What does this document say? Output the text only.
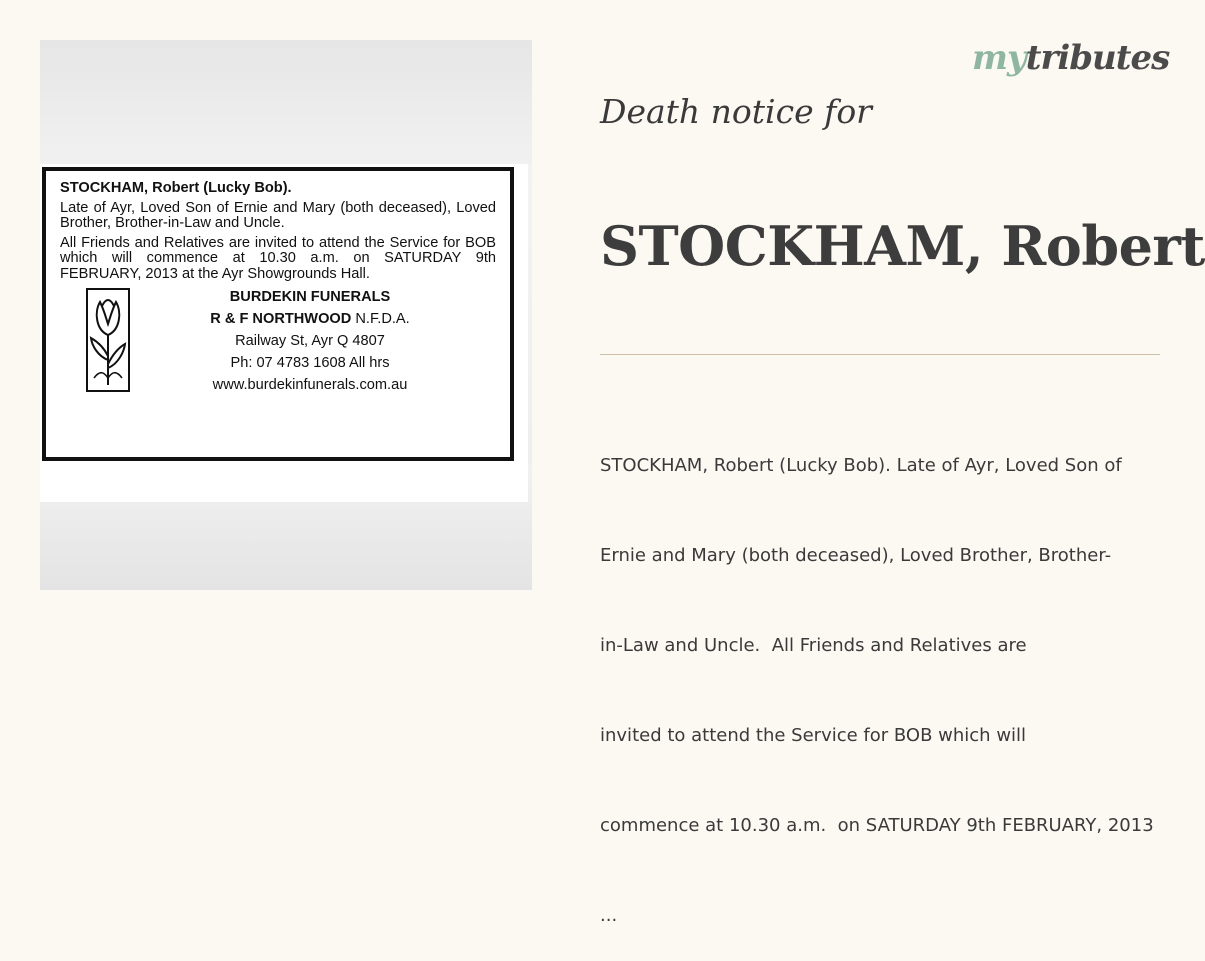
STOCKHAM, Robert (Lucky Bob).
Late of Ayr, Loved Son of Ernie and Mary (both deceased), Loved Brother, Brother-in-Law and Uncle.
All Friends and Relatives are invited to attend the Service for BOB which will commence at 10.30 a.m. on SATURDAY 9th FEBRUARY, 2013 at the Ayr Showgrounds Hall.
BURDEKIN FUNERALS
R & F NORTHWOOD N.F.D.A.
Railway St, Ayr Q 4807
Ph: 07 4783 1608 All hrs
www.burdekinfunerals.com.au
mytributes
Death notice for
STOCKHAM, Robert

STOCKHAM, Robert (Lucky Bob). Late of Ayr, Loved Son of

Ernie and Mary (both deceased), Loved Brother, Brother-

in-Law and Uncle.  All Friends and Relatives are

invited to attend the Service for BOB which will

commence at 10.30 a.m.  on SATURDAY 9th FEBRUARY, 2013

...
